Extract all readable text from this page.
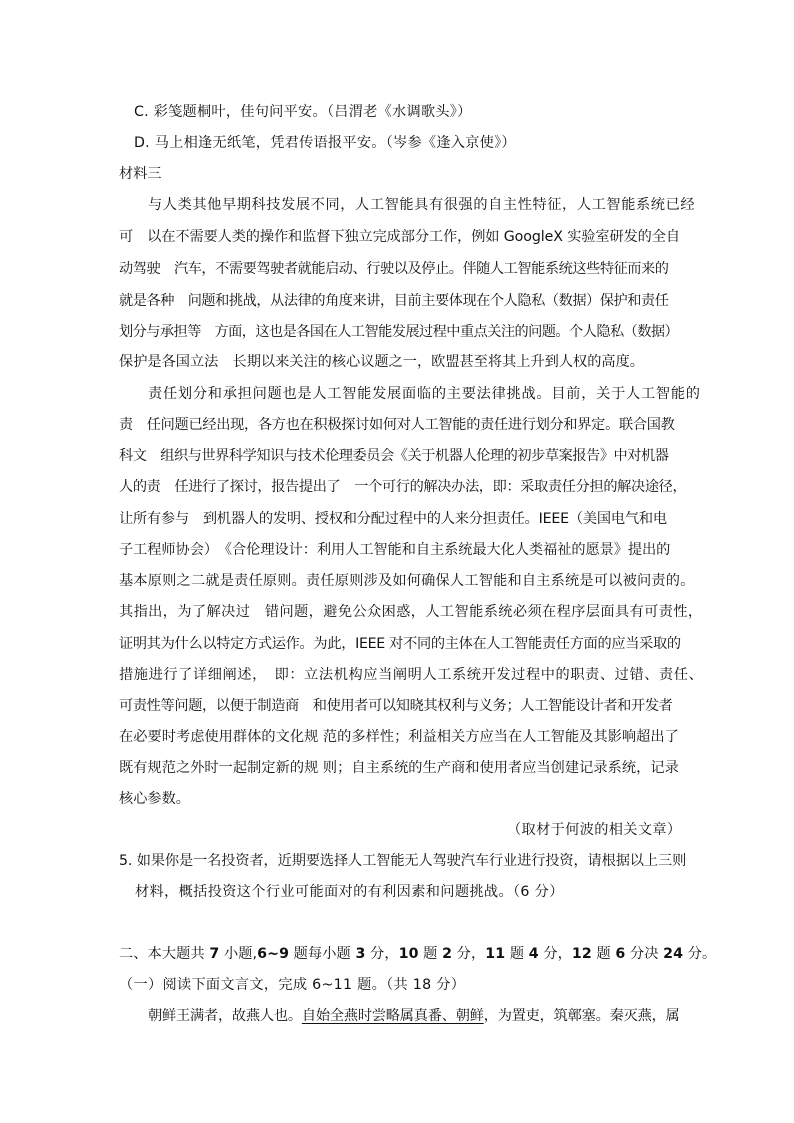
C. 彩笺题桐叶，佳句问平安。（吕渭老《水调歌头》）
D. 马上相逢无纸笔，凭君传语报平安。（岑参《逢入京使》）
材料三
与人类其他早期科技发展不同，人工智能具有很强的自主性特征，人工智能系统已经
可　以在不需要人类的操作和监督下独立完成部分工作，例如 GoogleX 实验室研发的全自
动驾驶　汽车，不需要驾驶者就能启动、行驶以及停止。伴随人工智能系统这些特征而来的
就是各种　问题和挑战，从法律的角度来讲，目前主要体现在个人隐私（数据）保护和责任
划分与承担等　方面，这也是各国在人工智能发展过程中重点关注的问题。个人隐私（数据）
保护是各国立法　长期以来关注的核心议题之一，欧盟甚至将其上升到人权的高度。
责任划分和承担问题也是人工智能发展面临的主要法律挑战。目前，关于人工智能的
责　任问题已经出现，各方也在积极探讨如何对人工智能的责任进行划分和界定。联合国教
科文　组织与世界科学知识与技术伦理委员会《关于机器人伦理的初步草案报告》中对机器
人的责　任进行了探讨，报告提出了　一个可行的解决办法，即：采取责任分担的解决途径，
让所有参与　到机器人的发明、授权和分配过程中的人来分担责任。IEEE（美国电气和电
子工程师协会）　《合伦理设计：利用人工智能和自主系统最大化人类福祉的愿景》提出的
基本原则之二就是责任原则。责任原则涉及如何确保人工智能和自主系统是可以被问责的。
其指出，为了解决过　错问题，避免公众困惑，人工智能系统必须在程序层面具有可责性，
证明其为什么以特定方式运作。为此，IEEE 对不同的主体在人工智能责任方面的应当采取的
措施进行了详细阐述，　即：立法机构应当阐明人工系统开发过程中的职责、过错、责任、
可责性等问题，以便于制造商　和使用者可以知晓其权利与义务；人工智能设计者和开发者
在必要时考虑使用群体的文化规 范的多样性；利益相关方应当在人工智能及其影响超出了
既有规范之外时一起制定新的规 则；自主系统的生产商和使用者应当创建记录系统，记录
核心参数。
（取材于何波的相关文章）
5. 如果你是一名投资者，近期要选择人工智能无人驾驶汽车行业进行投资，请根据以上三则
材料，概括投资这个行业可能面对的有利因素和问题挑战。（6 分）
二、本大题共 7 小题,6~9 题每小题 3 分，10 题 2 分，11 题 4 分，12 题 6 分决 24 分。
（一）阅读下面文言文，完成 6~11 题。（共 18 分）
朝鲜王满者，故燕人也。自始全燕时尝略属真番、朝鲜，为置吏，筑鄣塞。秦灭燕，属
